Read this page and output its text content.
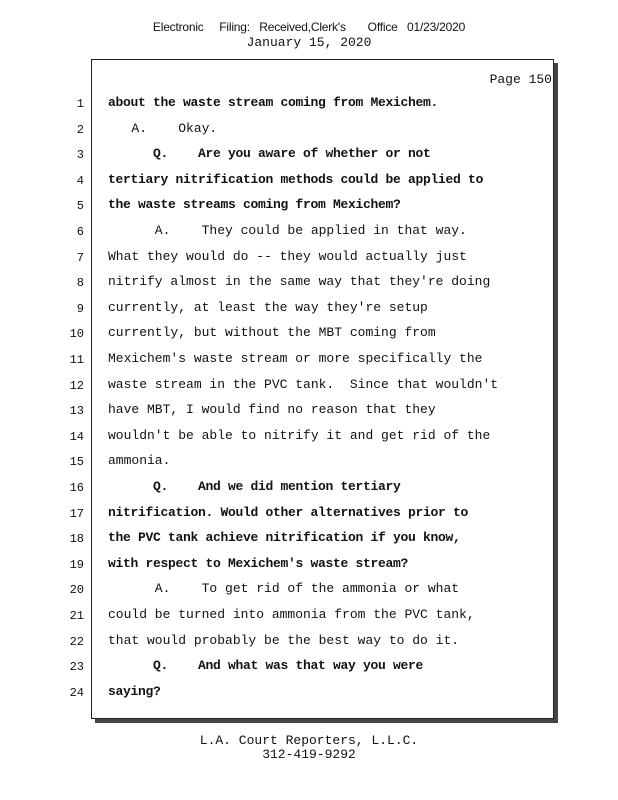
Electronic     Filing:   Received,Clerk's       Office   01/23/2020
January 15, 2020
Page 150
1 about the waste stream coming from Mexichem.
2 A.    Okay.
3 Q.    Are you aware of whether or not
4 tertiary nitrification methods could be applied to
5 the waste streams coming from Mexichem?
6 A.    They could be applied in that way.
7 What they would do -- they would actually just
8 nitrify almost in the same way that they're doing
9 currently, at least the way they're setup
10 currently, but without the MBT coming from
11 Mexichem's waste stream or more specifically the
12 waste stream in the PVC tank.  Since that wouldn't
13 have MBT, I would find no reason that they
14 wouldn't be able to nitrify it and get rid of the
15 ammonia.
16 Q.    And we did mention tertiary
17 nitrification. Would other alternatives prior to
18 the PVC tank achieve nitrification if you know,
19 with respect to Mexichem's waste stream?
20 A.    To get rid of the ammonia or what
21 could be turned into ammonia from the PVC tank,
22 that would probably be the best way to do it.
23 Q.    And what was that way you were
24 saying?
L.A. Court Reporters, L.L.C.
312-419-9292
